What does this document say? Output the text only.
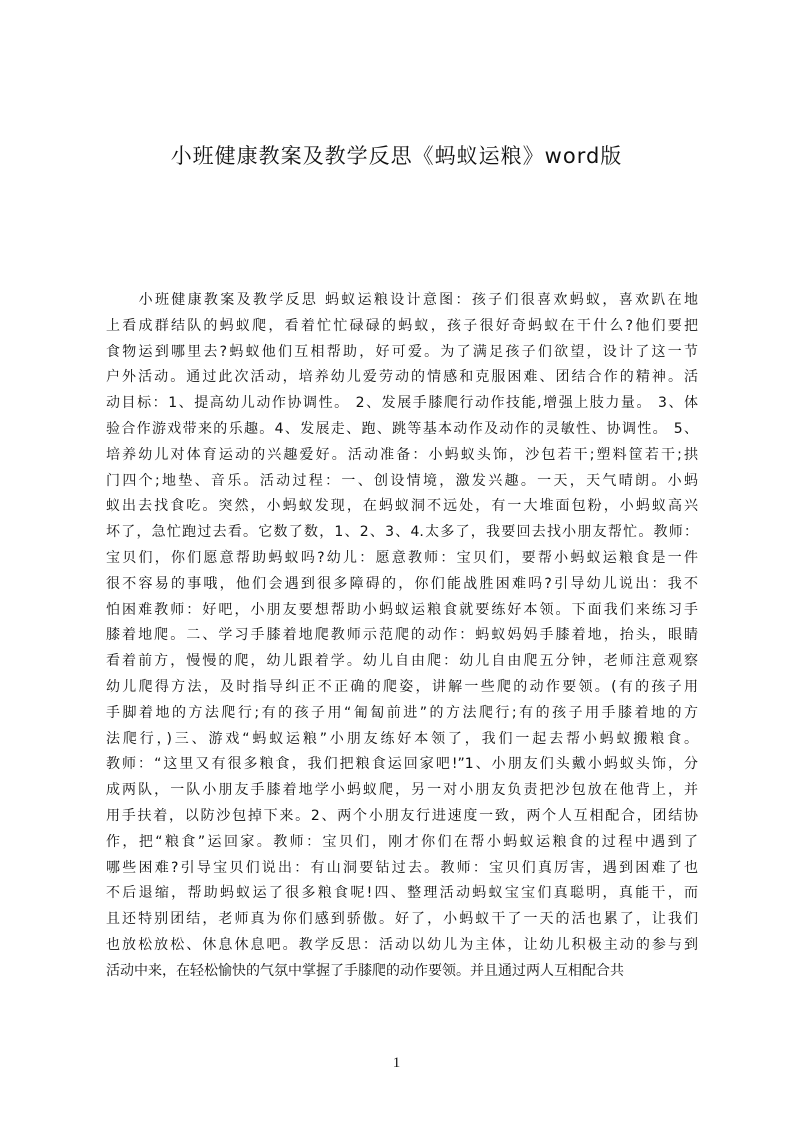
小班健康教案及教学反思《蚂蚁运粮》word版
　　小班健康教案及教学反思 蚂蚁运粮设计意图：孩子们很喜欢蚂蚁，喜欢趴在地
上看成群结队的蚂蚁爬，看着忙忙碌碌的蚂蚁，孩子很好奇蚂蚁在干什么?他们要把
食物运到哪里去?蚂蚁他们互相帮助，好可爱。为了满足孩子们欲望，设计了这一节
户外活动。通过此次活动，培养幼儿爱劳动的情感和克服困难、团结合作的精神。活
动目标：1、提高幼儿动作协调性。 2、发展手膝爬行动作技能,增强上肢力量。 3、体
验合作游戏带来的乐趣。4、发展走、跑、跳等基本动作及动作的灵敏性、协调性。 5、
培养幼儿对体育运动的兴趣爱好。活动准备：小蚂蚁头饰，沙包若干;塑料筐若干;拱
门四个;地垫、音乐。活动过程：一、创设情境，激发兴趣。一天，天气晴朗。小蚂
蚁出去找食吃。突然，小蚂蚁发现，在蚂蚁洞不远处，有一大堆面包粉，小蚂蚁高兴
坏了，急忙跑过去看。它数了数，1、2、3、4.太多了，我要回去找小朋友帮忙。教师：
宝贝们，你们愿意帮助蚂蚁吗?幼儿：愿意教师：宝贝们，要帮小蚂蚁运粮食是一件
很不容易的事哦，他们会遇到很多障碍的，你们能战胜困难吗?引导幼儿说出：我不
怕困难教师：好吧，小朋友要想帮助小蚂蚁运粮食就要练好本领。下面我们来练习手
膝着地爬。二、学习手膝着地爬教师示范爬的动作：蚂蚁妈妈手膝着地，抬头，眼睛
看着前方，慢慢的爬，幼儿跟着学。幼儿自由爬：幼儿自由爬五分钟，老师注意观察
幼儿爬得方法，及时指导纠正不正确的爬姿，讲解一些爬的动作要领。(有的孩子用
手脚着地的方法爬行;有的孩子用“匍匐前进”的方法爬行;有的孩子用手膝着地的方
法爬行，)三、游戏“蚂蚁运粮”小朋友练好本领了，我们一起去帮小蚂蚁搬粮食。
教师：“这里又有很多粮食，我们把粮食运回家吧!”1、小朋友们头戴小蚂蚁头饰，分
成两队，一队小朋友手膝着地学小蚂蚁爬，另一对小朋友负责把沙包放在他背上，并
用手扶着，以防沙包掉下来。2、两个小朋友行进速度一致，两个人互相配合，团结协
作，把“粮食”运回家。教师：宝贝们，刚才你们在帮小蚂蚁运粮食的过程中遇到了
哪些困难?引导宝贝们说出：有山洞要钻过去。教师：宝贝们真厉害，遇到困难了也
不后退缩，帮助蚂蚁运了很多粮食呢!四、整理活动蚂蚁宝宝们真聪明，真能干，而
且还特别团结，老师真为你们感到骄傲。好了，小蚂蚁干了一天的活也累了，让我们
也放松放松、休息休息吧。教学反思：活动以幼儿为主体，让幼儿积极主动的参与到
活动中来，在轻松愉快的气氛中掌握了手膝爬的动作要领。并且通过两人互相配合共
1
